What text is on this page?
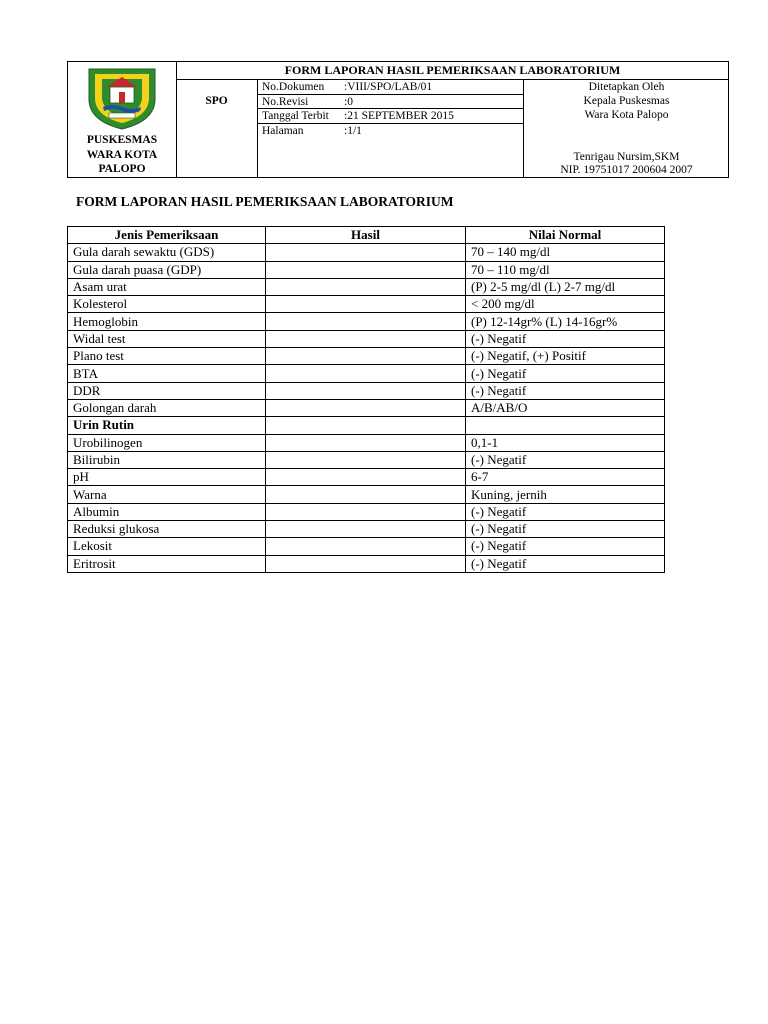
PUSKESMAS
WARA KOTA
PALOPO
FORM LAPORAN HASIL PEMERIKSAAN LABORATORIUM
SPO
No.Dokumen :VIII/SPO/LAB/01
No.Revisi	:0
Tanggal Terbit :21 SEPTEMBER 2015
Halaman	:1/1
Ditetapkan Oleh
Kepala Puskesmas
Wara Kota Palopo
Tenrigau Nursim,SKM
NIP. 19751017 200604 2007
FORM LAPORAN HASIL PEMERIKSAAN LABORATORIUM
Jenis Pemeriksaan	Hasil	Nilai Normal
Gula darah sewaktu (GDS)		70 – 140 mg/dl
Gula darah puasa (GDP)		70 – 110 mg/dl
Asam urat		(P) 2-5 mg/dl (L) 2-7 mg/dl
Kolesterol		< 200 mg/dl
Hemoglobin		(P) 12-14gr% (L) 14-16gr%
Widal test		(-) Negatif
Plano test		(-) Negatif, (+) Positif
BTA		(-) Negatif
DDR		(-) Negatif
Golongan darah		A/B/AB/O
Urin Rutin		
Urobilinogen		0,1-1
Bilirubin		(-) Negatif
pH		6-7
Warna		Kuning, jernih
Albumin		(-) Negatif
Reduksi glukosa		(-) Negatif
Lekosit		(-) Negatif
Eritrosit		(-) Negatif
